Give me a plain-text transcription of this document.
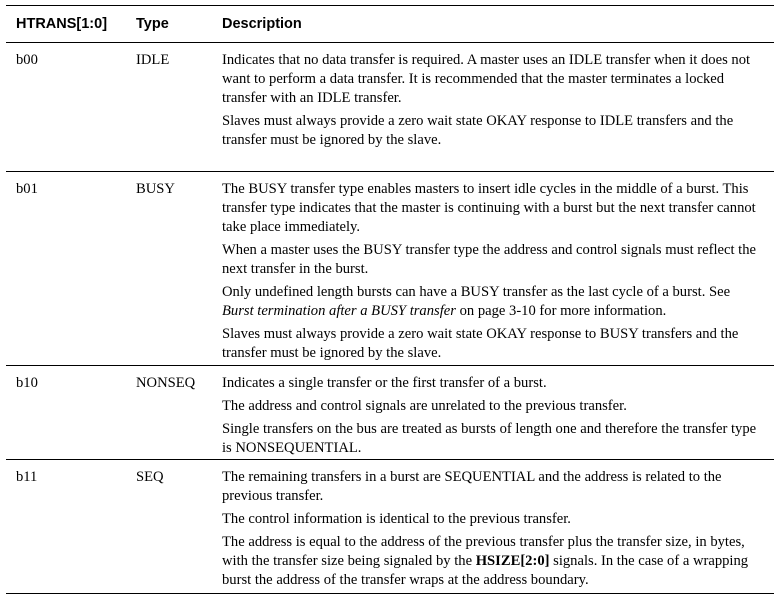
HTRANS[1:0]	Type	Description
b00	IDLE	Indicates that no data transfer is required. A master uses an IDLE transfer when it does not want to perform a data transfer. It is recommended that the master terminates a locked transfer with an IDLE transfer.

Slaves must always provide a zero wait state OKAY response to IDLE transfers and the transfer must be ignored by the slave.

b01	BUSY	The BUSY transfer type enables masters to insert idle cycles in the middle of a burst. This transfer type indicates that the master is continuing with a burst but the next transfer cannot take place immediately.

When a master uses the BUSY transfer type the address and control signals must reflect the next transfer in the burst.

Only undefined length bursts can have a BUSY transfer as the last cycle of a burst. See Burst termination after a BUSY transfer on page 3-10 for more information.

Slaves must always provide a zero wait state OKAY response to BUSY transfers and the transfer must be ignored by the slave.

b10	NONSEQ	Indicates a single transfer or the first transfer of a burst.

The address and control signals are unrelated to the previous transfer.

Single transfers on the bus are treated as bursts of length one and therefore the transfer type is NONSEQUENTIAL.

b11	SEQ	The remaining transfers in a burst are SEQUENTIAL and the address is related to the previous transfer.

The control information is identical to the previous transfer.

The address is equal to the address of the previous transfer plus the transfer size, in bytes, with the transfer size being signaled by the HSIZE[2:0] signals. In the case of a wrapping burst the address of the transfer wraps at the address boundary.
